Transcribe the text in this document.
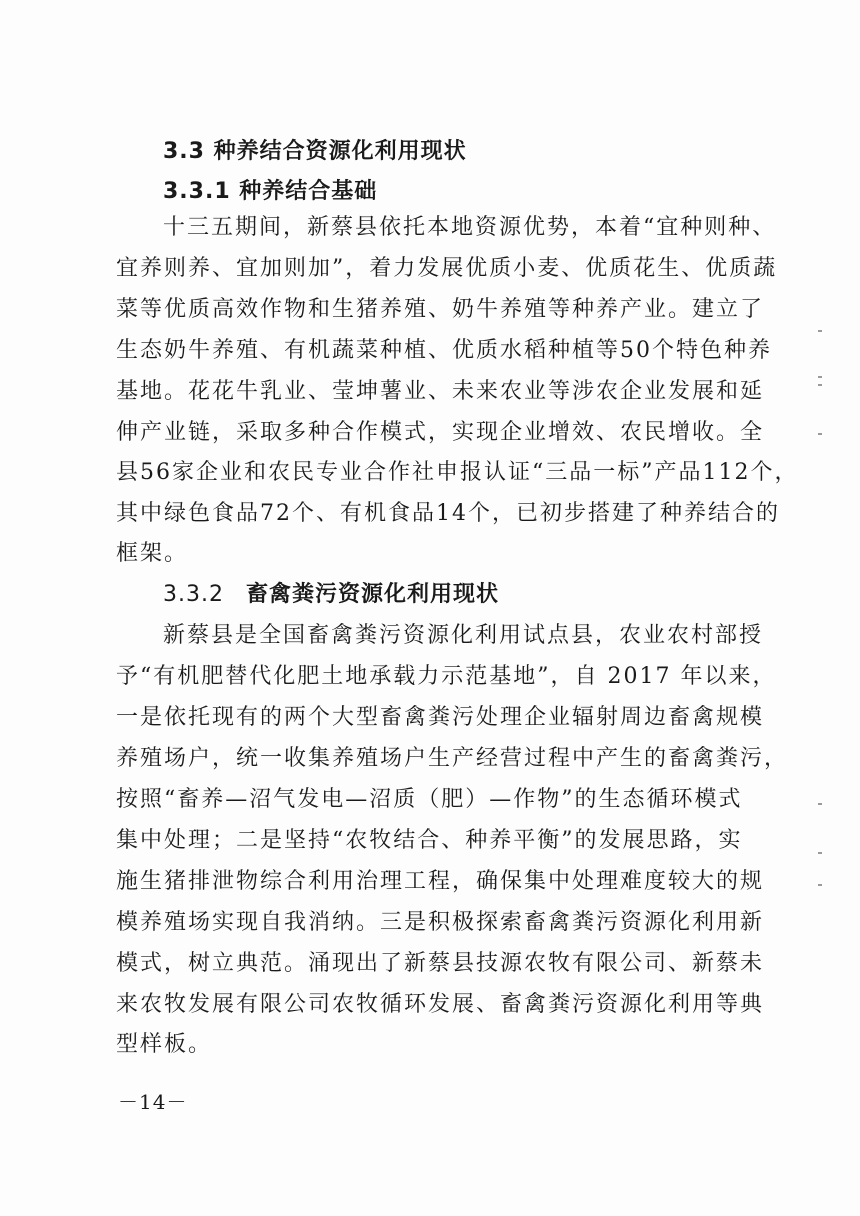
3.3 种养结合资源化利用现状
3.3.1 种养结合基础
十三五期间，新蔡县依托本地资源优势，本着“宜种则种、
宜养则养、宜加则加”，着力发展优质小麦、优质花生、优质蔬
菜等优质高效作物和生猪养殖、奶牛养殖等种养产业。建立了
生态奶牛养殖、有机蔬菜种植、优质水稻种植等50个特色种养
基地。花花牛乳业、莹坤薯业、未来农业等涉农企业发展和延
伸产业链，采取多种合作模式，实现企业增效、农民增收。全
县56家企业和农民专业合作社申报认证“三品一标”产品112个，
其中绿色食品72个、有机食品14个，已初步搭建了种养结合的
框架。
3.3.2 畜禽粪污资源化利用现状
新蔡县是全国畜禽粪污资源化利用试点县，农业农村部授
予“有机肥替代化肥土地承载力示范基地”，自 2017 年以来，
一是依托现有的两个大型畜禽粪污处理企业辐射周边畜禽规模
养殖场户，统一收集养殖场户生产经营过程中产生的畜禽粪污，
按照“畜养—沼气发电—沼质（肥）—作物”的生态循环模式
集中处理；二是坚持“农牧结合、种养平衡”的发展思路，实
施生猪排泄物综合利用治理工程，确保集中处理难度较大的规
模养殖场实现自我消纳。三是积极探索畜禽粪污资源化利用新
模式，树立典范。涌现出了新蔡县技源农牧有限公司、新蔡未
来农牧发展有限公司农牧循环发展、畜禽粪污资源化利用等典
型样板。
－14－
